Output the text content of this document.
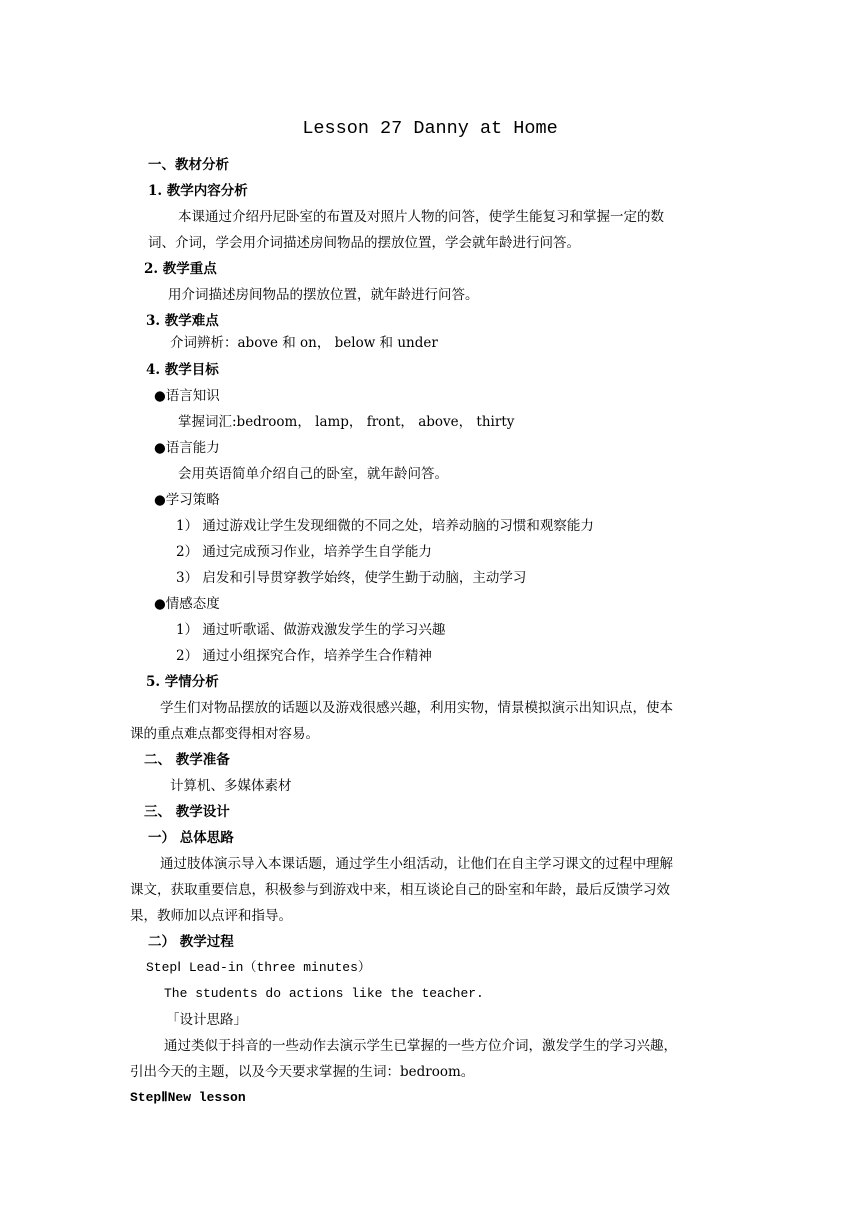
Lesson 27 Danny at Home
一、教材分析
1. 教学内容分析
本课通过介绍丹尼卧室的布置及对照片人物的问答，使学生能复习和掌握一定的数
词、介词，学会用介词描述房间物品的摆放位置，学会就年龄进行问答。
2. 教学重点
用介词描述房间物品的摆放位置，就年龄进行问答。
3. 教学难点
介词辨析：above 和 on， below 和 under
4. 教学目标
●语言知识
掌握词汇:bedroom， lamp， front， above， thirty
●语言能力
会用英语简单介绍自己的卧室，就年龄问答。
●学习策略
1） 通过游戏让学生发现细微的不同之处，培养动脑的习惯和观察能力
2） 通过完成预习作业，培养学生自学能力
3） 启发和引导贯穿教学始终，使学生勤于动脑，主动学习
●情感态度
1） 通过听歌谣、做游戏激发学生的学习兴趣
2） 通过小组探究合作，培养学生合作精神
5. 学情分析
学生们对物品摆放的话题以及游戏很感兴趣，利用实物，情景模拟演示出知识点，使本
课的重点难点都变得相对容易。
二、 教学准备
计算机、多媒体素材
三、 教学设计
一） 总体思路
通过肢体演示导入本课话题，通过学生小组活动，让他们在自主学习课文的过程中理解
课文，获取重要信息，积极参与到游戏中来，相互谈论自己的卧室和年龄，最后反馈学习效
果，教师加以点评和指导。
二） 教学过程
StepⅠ Lead-in（three minutes）
The students do actions like the teacher.
「设计思路」
通过类似于抖音的一些动作去演示学生已掌握的一些方位介词，激发学生的学习兴趣，
引出今天的主题，以及今天要求掌握的生词：bedroom。
StepⅡNew lesson
